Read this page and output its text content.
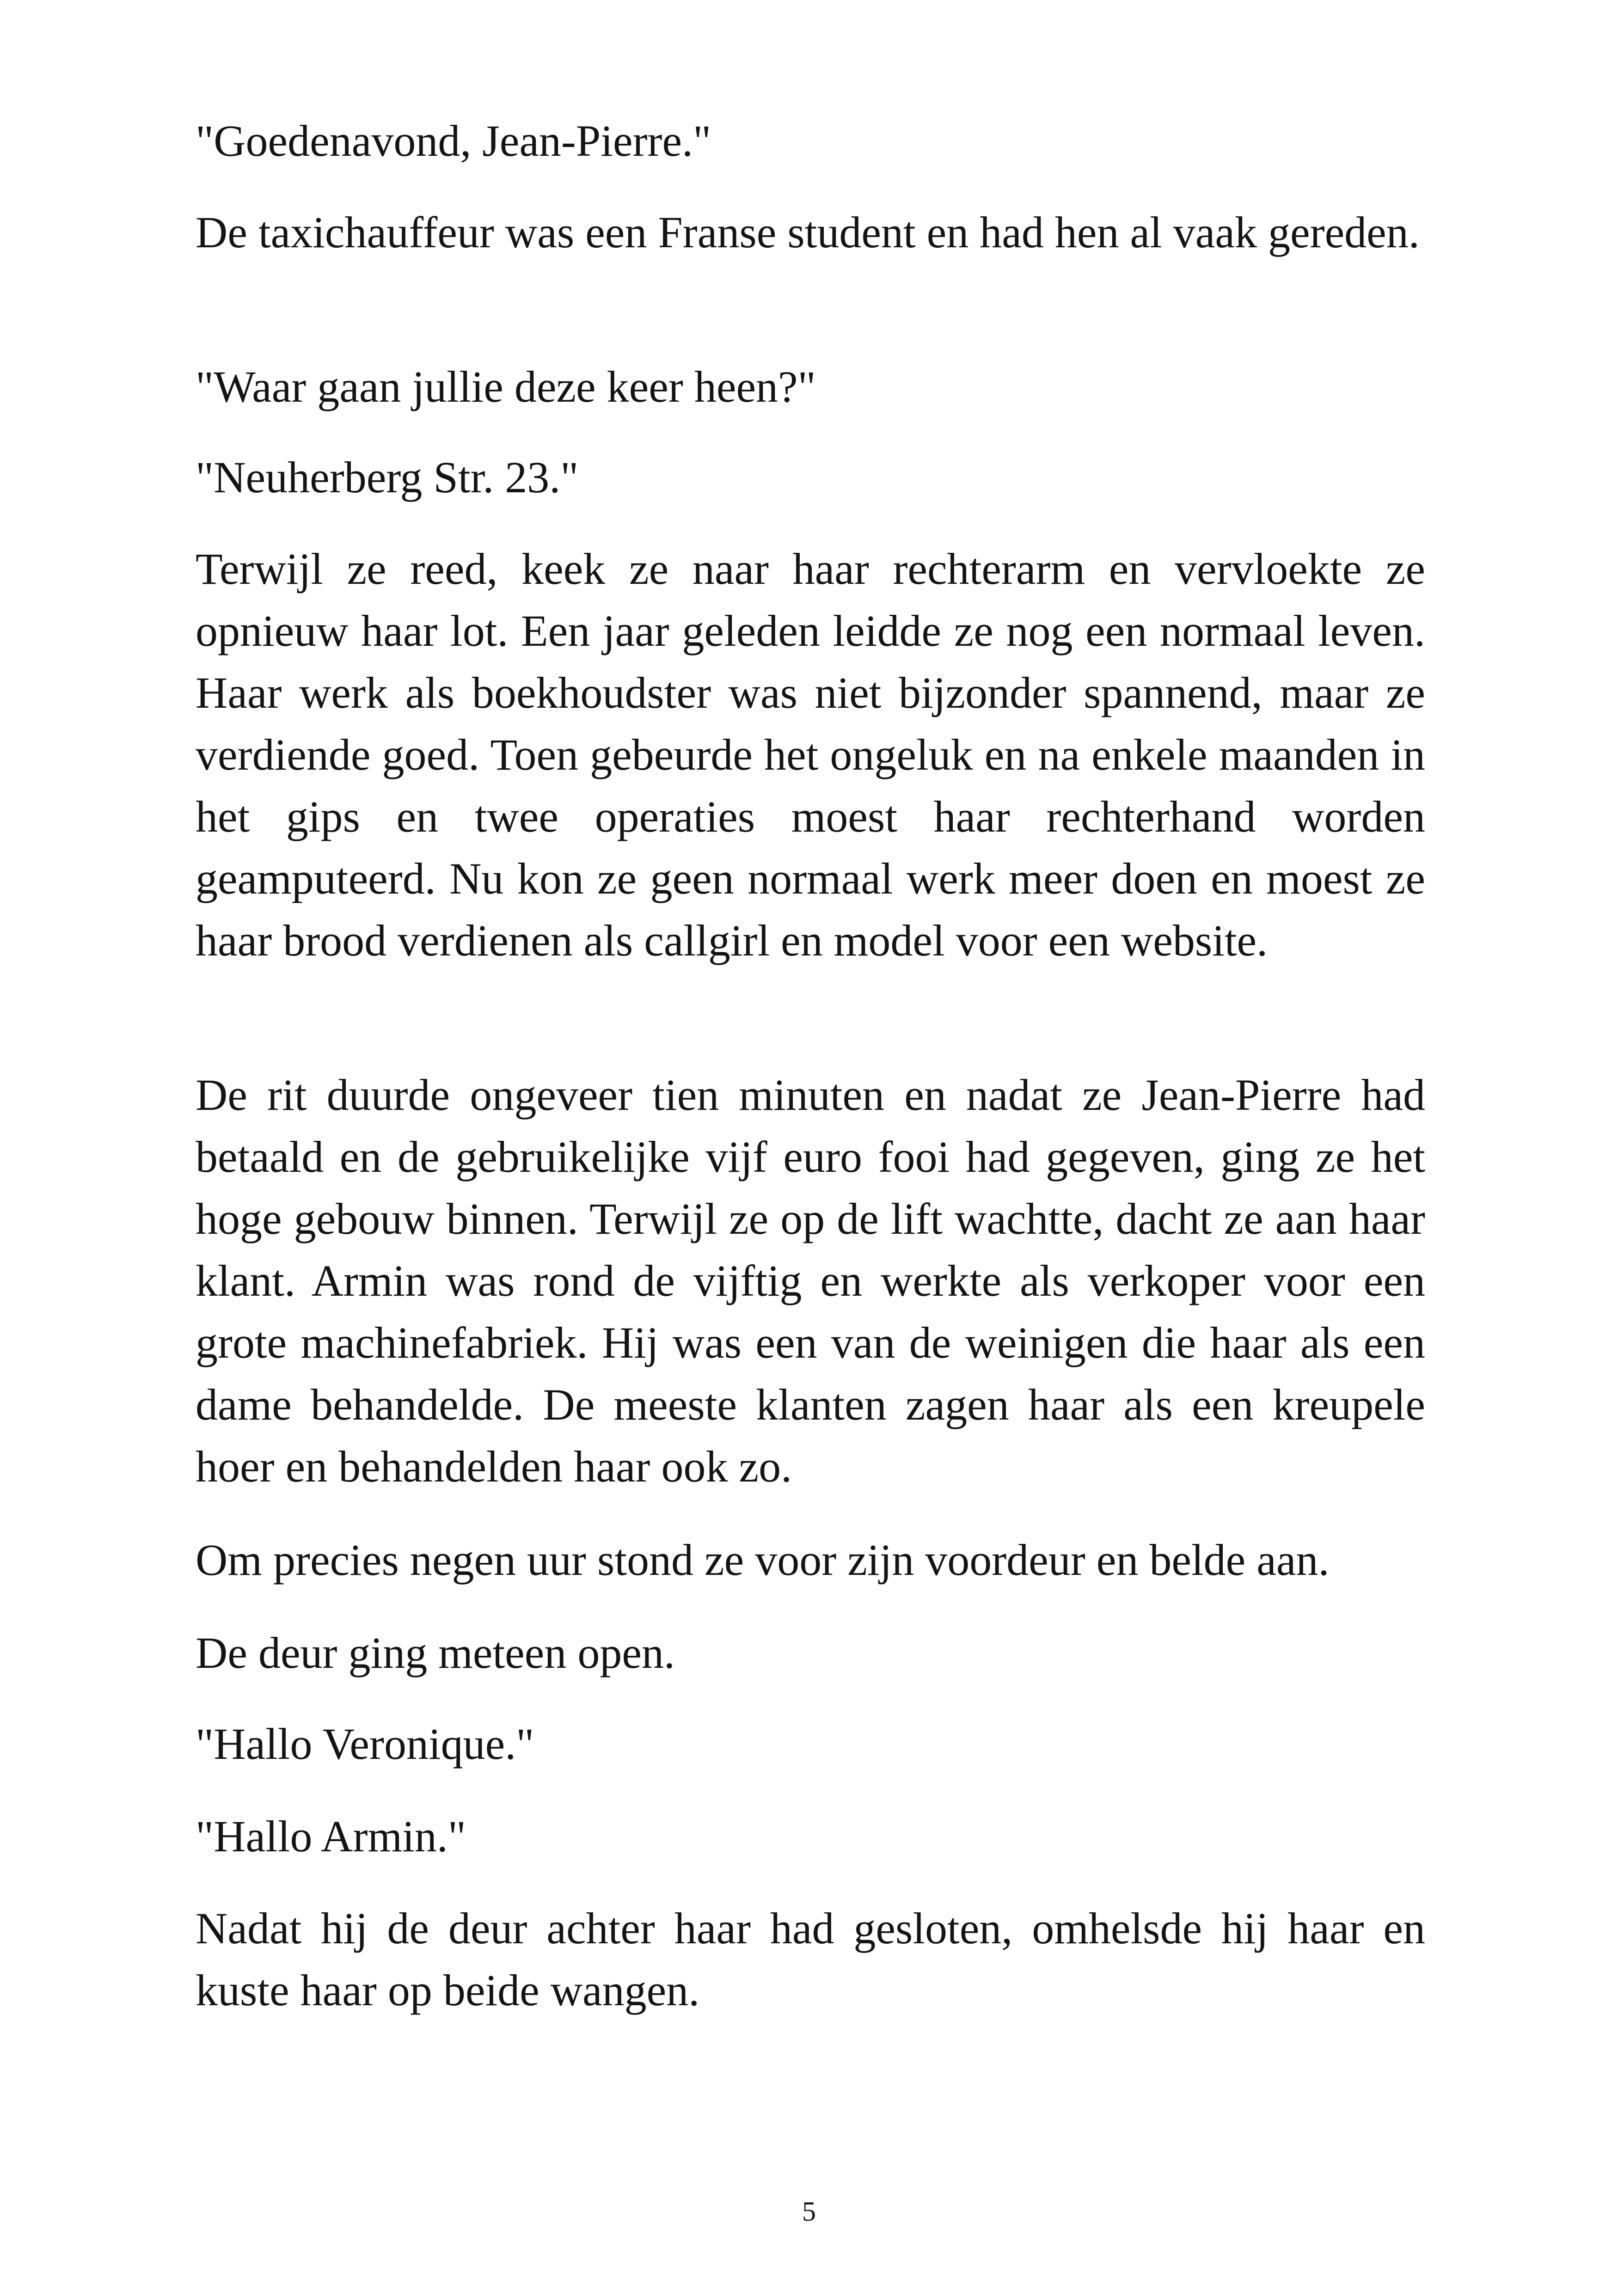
"Goedenavond, Jean-Pierre."

De taxichauffeur was een Franse student en had hen al vaak gereden.

"Waar gaan jullie deze keer heen?"

"Neuherberg Str. 23."

Terwijl ze reed, keek ze naar haar rechterarm en vervloekte ze opnieuw haar lot. Een jaar geleden leidde ze nog een normaal leven. Haar werk als boekhoudster was niet bijzonder spannend, maar ze verdiende goed. Toen gebeurde het ongeluk en na enkele maanden in het gips en twee operaties moest haar rechterhand worden geamputeerd. Nu kon ze geen normaal werk meer doen en moest ze haar brood verdienen als callgirl en model voor een website.

De rit duurde ongeveer tien minuten en nadat ze Jean-Pierre had betaald en de gebruikelijke vijf euro fooi had gegeven, ging ze het hoge gebouw binnen. Terwijl ze op de lift wachtte, dacht ze aan haar klant. Armin was rond de vijftig en werkte als verkoper voor een grote machinefabriek. Hij was een van de weinigen die haar als een dame behandelde. De meeste klanten zagen haar als een kreupele hoer en behandelden haar ook zo.

Om precies negen uur stond ze voor zijn voordeur en belde aan.

De deur ging meteen open.

"Hallo Veronique."

"Hallo Armin."

Nadat hij de deur achter haar had gesloten, omhelsde hij haar en kuste haar op beide wangen.

5
